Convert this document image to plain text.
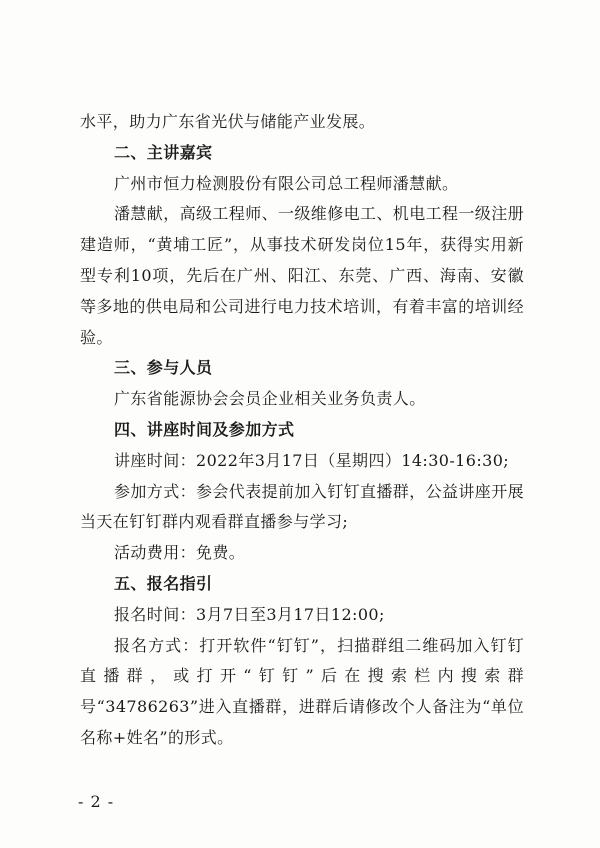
水平，助力广东省光伏与储能产业发展。

二、主讲嘉宾

广州市恒力检测股份有限公司总工程师潘慧献。

潘慧献，高级工程师、一级维修电工、机电工程一级注册建造师，“黄埔工匠”，从事技术研发岗位15年，获得实用新型专利10项，先后在广州、阳江、东莞、广西、海南、安徽等多地的供电局和公司进行电力技术培训，有着丰富的培训经验。

三、参与人员

广东省能源协会会员企业相关业务负责人。

四、讲座时间及参加方式

讲座时间：2022年3月17日（星期四）14:30-16:30;

参加方式：参会代表提前加入钉钉直播群，公益讲座开展当天在钉钉群内观看群直播参与学习;

活动费用：免费。

五、报名指引

报名时间：3月7日至3月17日12:00;

报名方式：打开软件“钉钉”，扫描群组二维码加入钉钉直播群，或打开“钉钉”后在搜索栏内搜索群号“34786263”进入直播群，进群后请修改个人备注为“单位名称+姓名”的形式。

- 2 -
